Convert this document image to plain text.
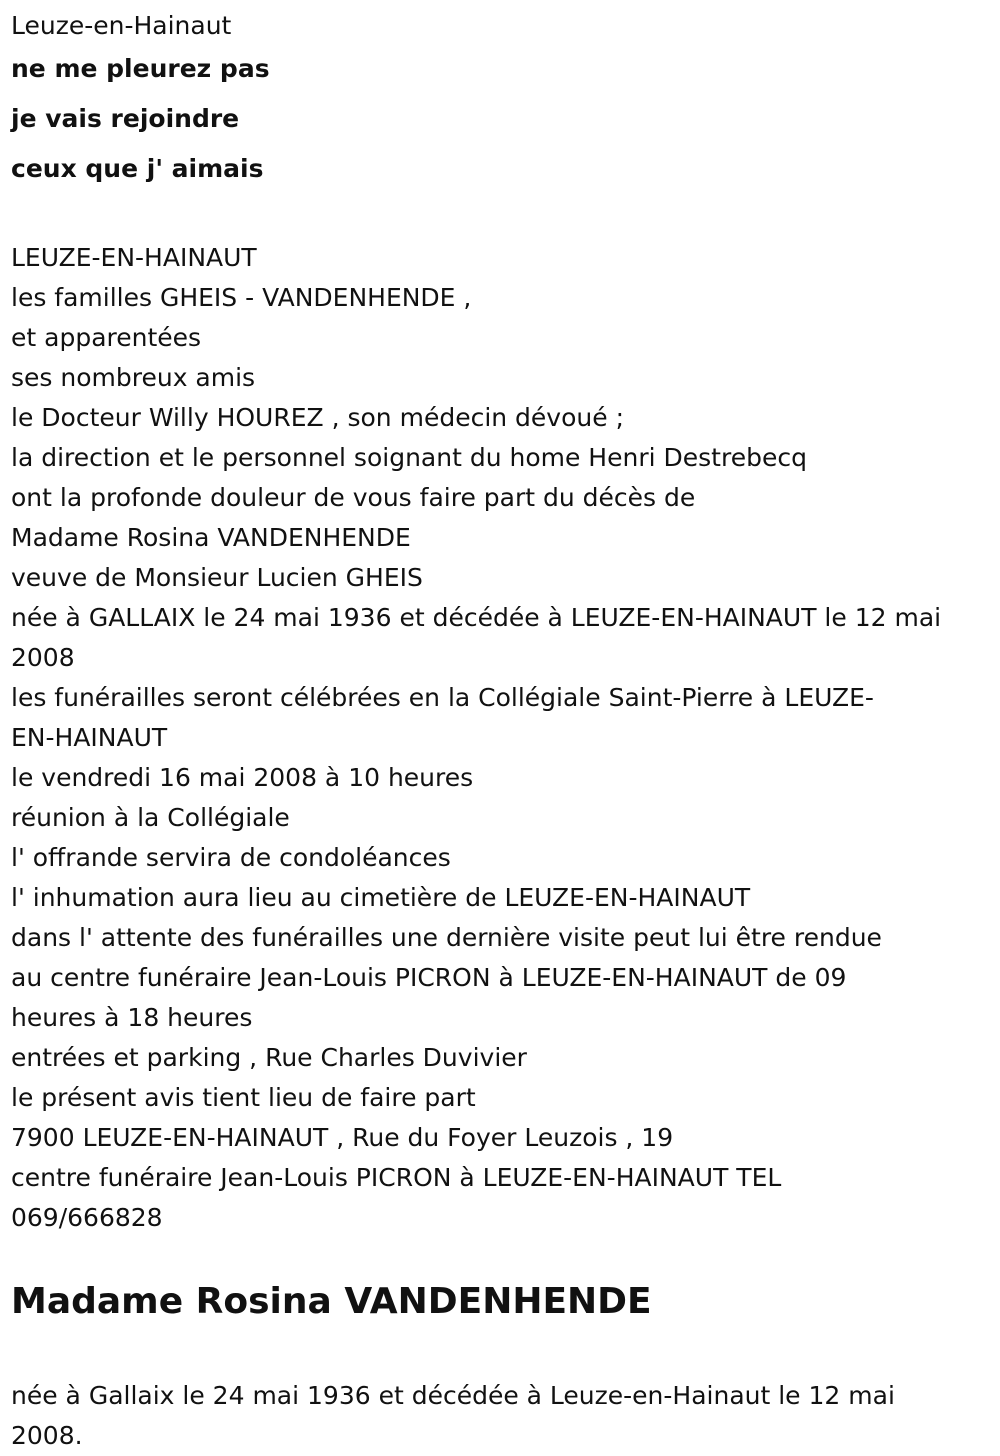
Leuze-en-Hainaut
ne me pleurez pas
je vais rejoindre
ceux que j' aimais
LEUZE-EN-HAINAUT
les familles GHEIS - VANDENHENDE ,
et apparentées
ses nombreux amis
le Docteur Willy HOUREZ , son médecin dévoué ;
la direction et le personnel soignant du home Henri Destrebecq
ont la profonde douleur de vous faire part du décès de
Madame Rosina VANDENHENDE
veuve de Monsieur Lucien GHEIS
née à GALLAIX le 24 mai 1936 et décédée à LEUZE-EN-HAINAUT le 12 mai
2008
les funérailles seront célébrées en la Collégiale Saint-Pierre à LEUZE-
EN-HAINAUT
le vendredi 16 mai 2008 à 10 heures
réunion à la Collégiale
l' offrande servira de condoléances
l' inhumation aura lieu au cimetière de LEUZE-EN-HAINAUT
dans l' attente des funérailles une dernière visite peut lui être rendue
au centre funéraire Jean-Louis PICRON à LEUZE-EN-HAINAUT de 09
heures à 18 heures
entrées et parking , Rue Charles Duvivier
le présent avis tient lieu de faire part
7900 LEUZE-EN-HAINAUT , Rue du Foyer Leuzois , 19
centre funéraire Jean-Louis PICRON à LEUZE-EN-HAINAUT TEL
069/666828
Madame Rosina VANDENHENDE
née à Gallaix le 24 mai 1936 et décédée à Leuze-en-Hainaut le 12 mai 2008.
